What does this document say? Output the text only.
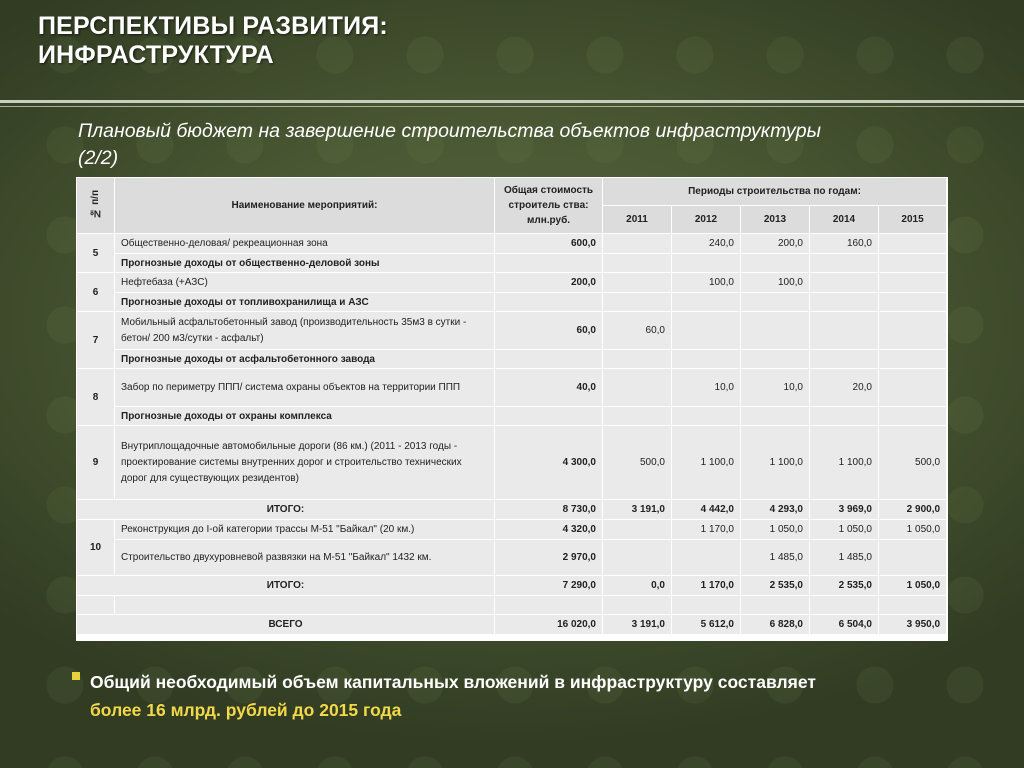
ПЕРСПЕКТИВЫ РАЗВИТИЯ:
ИНФРАСТРУКТУРА
Плановый бюджет на завершение строительства объектов инфраструктуры
(2/2)
№ п/п	Наименование мероприятий:	Общая стоимость строитель ства: млн.руб.	Периоды строительства по годам:				
			2011	2012	2013	2014	2015
5	Общественно-деловая/ рекреационная зона	600,0		240,0	200,0	160,0	
	Прогнозные доходы от общественно-деловой зоны						
6	Нефтебаза (+АЗС)	200,0		100,0	100,0		
	Прогнозные доходы от топливохранилища и АЗС						
7	Мобильный асфальтобетонный завод (производительность 35м3 в сутки - бетон/ 200 м3/сутки - асфальт)	60,0	60,0				
	Прогнозные доходы от асфальтобетонного завода						
8	Забор по периметру ППП/ система охраны объектов на территории ППП	40,0		10,0	10,0	20,0	
	Прогнозные доходы от охраны комплекса						
9	Внутриплощадочные автомобильные дороги (86 км.) (2011 - 2013 годы - проектирование системы внутренних дорог и строительство технических дорог для существующих резидентов)	4 300,0	500,0	1 100,0	1 100,0	1 100,0	500,0
ИТОГО:		8 730,0	3 191,0	4 442,0	4 293,0	3 969,0	2 900,0
10	Реконструкция до I-ой категории трассы М-51 "Байкал" (20 км.)	4 320,0		1 170,0	1 050,0	1 050,0	1 050,0
	Строительство двухуровневой развязки на М-51 "Байкал" 1432 км.	2 970,0			1 485,0	1 485,0	
ИТОГО:		7 290,0	0,0	1 170,0	2 535,0	2 535,0	1 050,0

ВСЕГО		16 020,0	3 191,0	5 612,0	6 828,0	6 504,0	3 950,0
Общий необходимый объем капитальных вложений в инфраструктуру составляет
более 16 млрд. рублей до 2015 года
